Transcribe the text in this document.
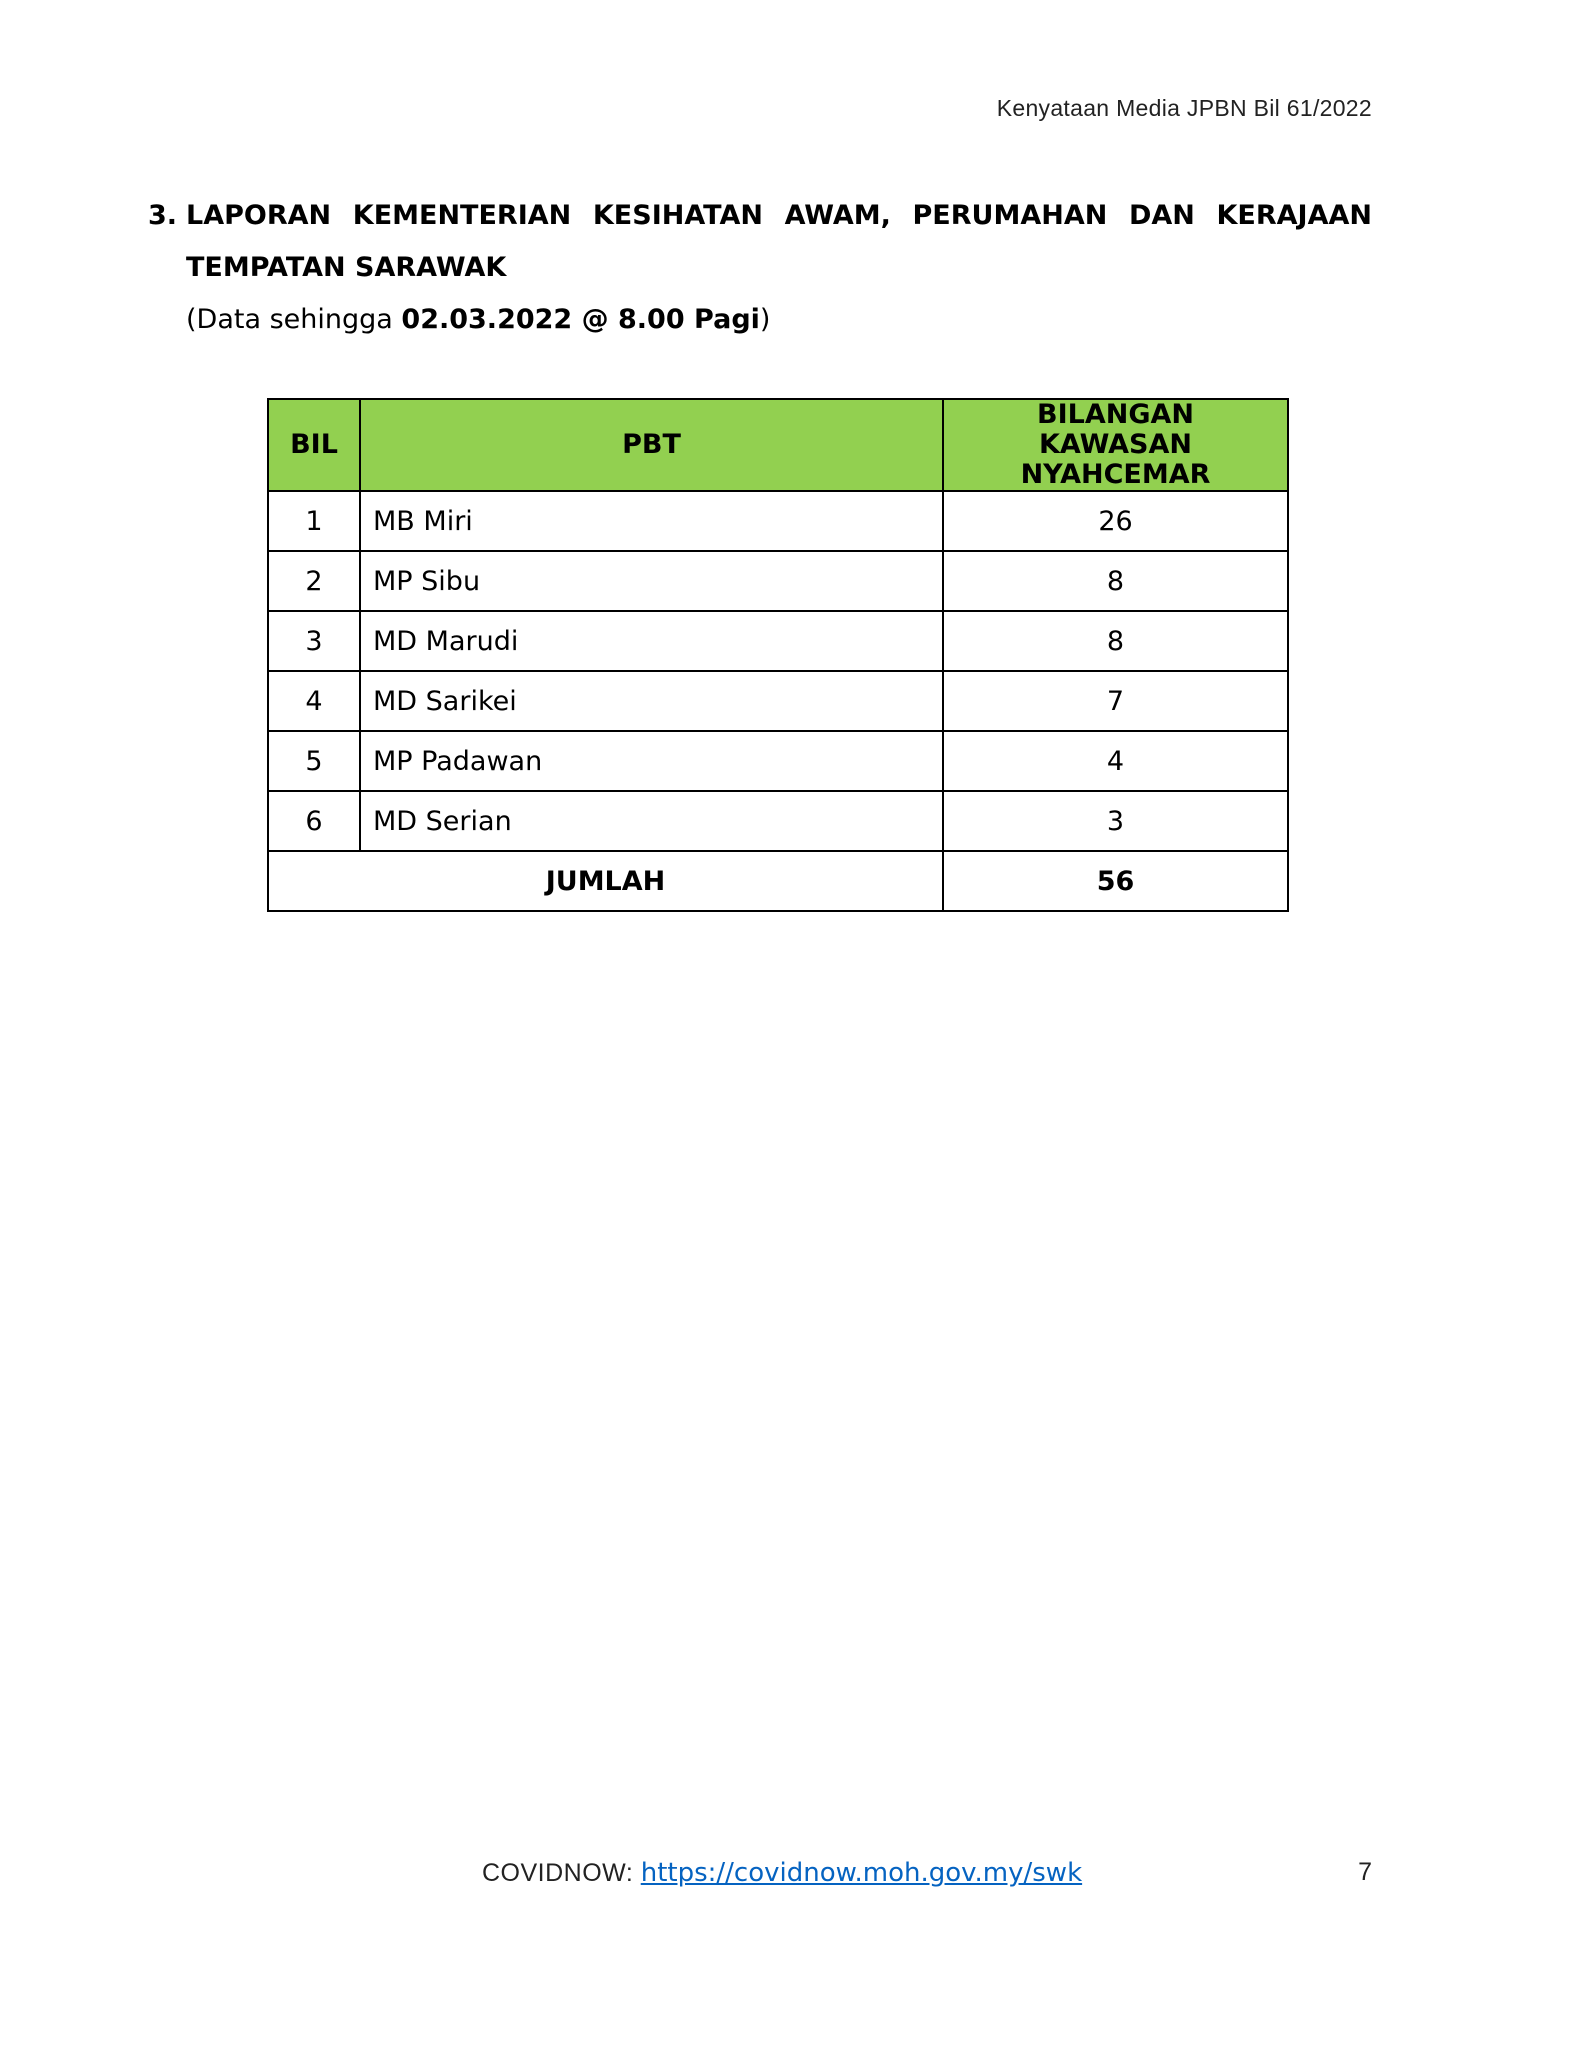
Kenyataan Media JPBN Bil 61/2022
3. LAPORAN KEMENTERIAN KESIHATAN AWAM, PERUMAHAN DAN KERAJAAN
TEMPATAN SARAWAK
(Data sehingga 02.03.2022 @ 8.00 Pagi)
BIL	PBT	BILANGAN KAWASAN NYAHCEMAR
1	MB Miri	26
2	MP Sibu	8
3	MD Marudi	8
4	MD Sarikei	7
5	MP Padawan	4
6	MD Serian	3
JUMLAH		56
COVIDNOW: https://covidnow.moh.gov.my/swk	7
